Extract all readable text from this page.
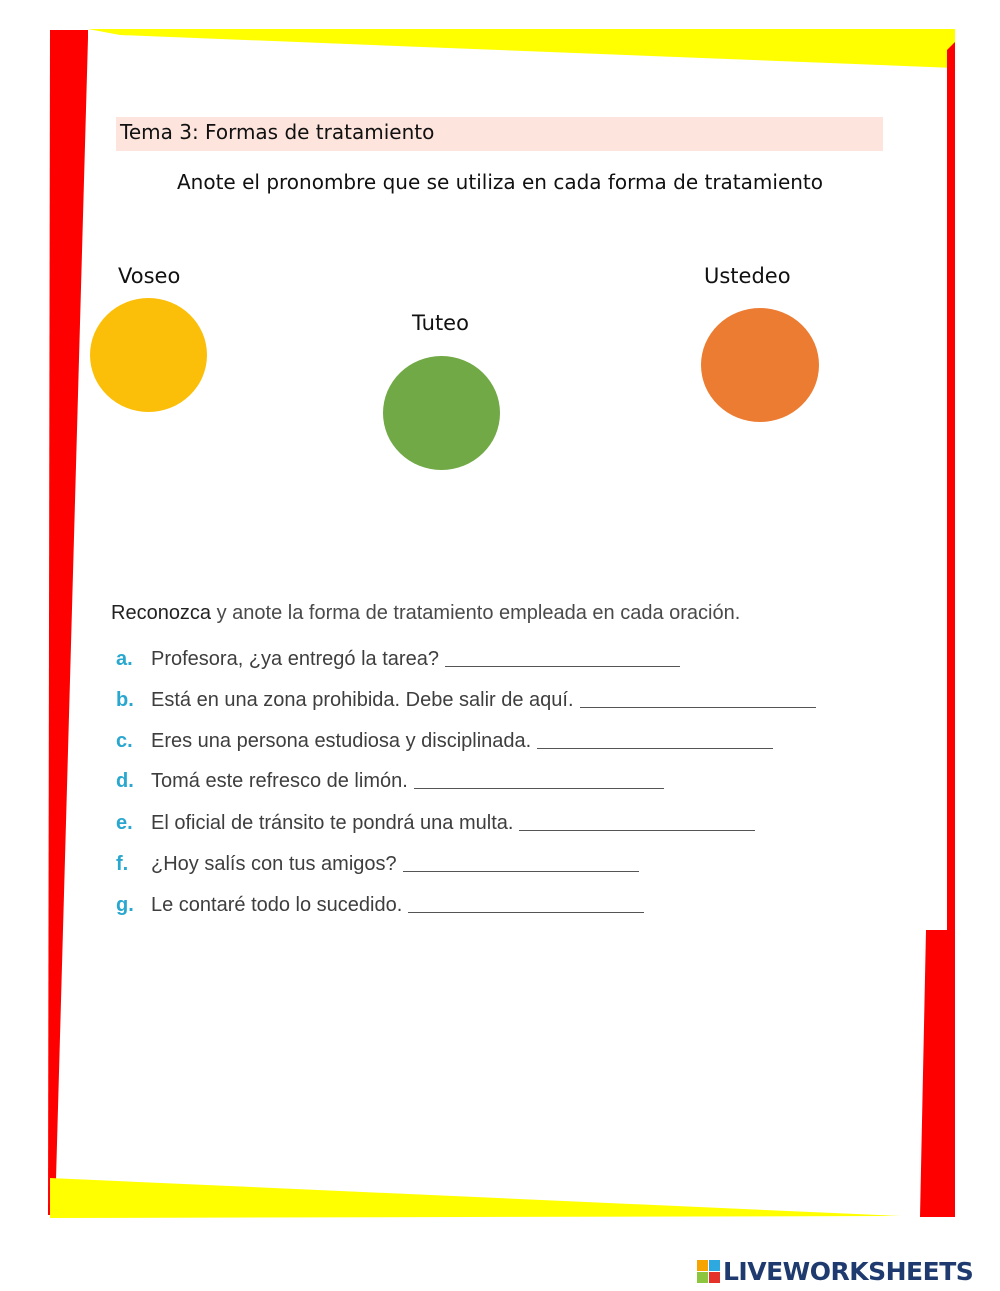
Tema 3: Formas de tratamiento
Anote el pronombre que se utiliza en cada forma de tratamiento
Voseo
Tuteo
Ustedeo
Reconozca y anote la forma de tratamiento empleada en cada oración.
a. Profesora, ¿ya entregó la tarea?
b. Está en una zona prohibida. Debe salir de aquí.
c. Eres una persona estudiosa y disciplinada.
d. Tomá este refresco de limón.
e. El oficial de tránsito te pondrá una multa.
f.	¿Hoy salís con tus amigos?
g. Le contaré todo lo sucedido.
LIVEWORKSHEETS
